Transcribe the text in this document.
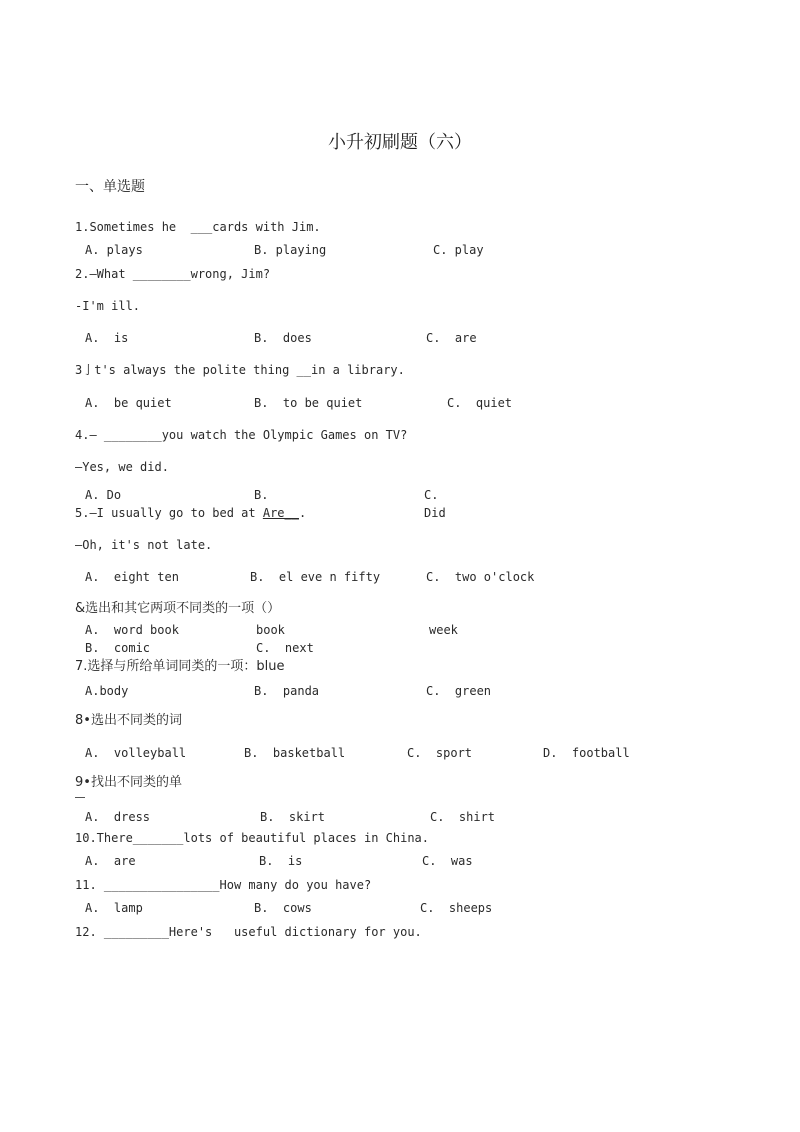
小升初刷题（六）
一、单选题
1.Sometimes he  ___cards with Jim.
A. plays	B. playing	C. play
2.—What ________wrong, Jim?
-I'm ill.
A.  is	B.  does	C.  are
3亅t's always the polite thing __in a library.
A.  be quiet	B.  to be quiet	C.  quiet
4.— ________you watch the Olympic Games on TV?
—Yes, we did.
A. Do	B.	C.
Did
5.—I usually go to bed at Are__.
—Oh, it's not late.
A.  eight ten	B.  el eve n fifty	C.  two o'clock
&选出和其它两项不同类的一项（）
A.  word book	book	week
B.  comic	C.  next
7.选择与所给单词同类的一项：blue
A.body	B.  panda	C.  green
8•选出不同类的词
A.  volleyball	B.  basketball	C.  sport	D.  football
9•找出不同类的单
A.  dress	B.  skirt	C.  shirt
10.There_______lots of beautiful places in China.
A.  are	B.  is	C.  was
11. ________________How many do you have?
A.  lamp	B.  cows	C.  sheeps
12. _________Here's   useful dictionary for you.
